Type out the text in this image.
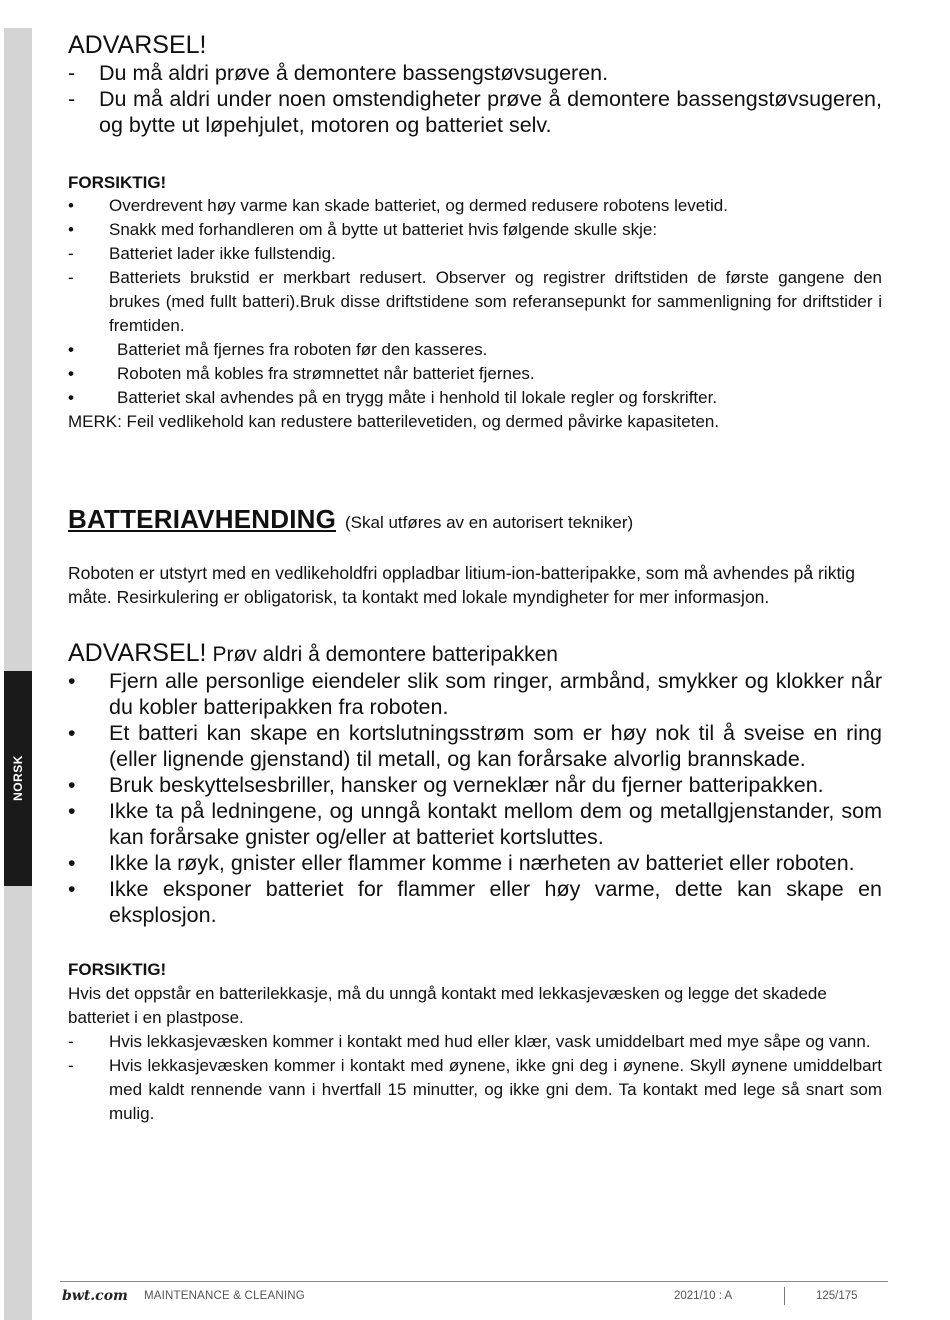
NORSK
ADVARSEL!
- Du må aldri prøve å demontere bassengstøvsugeren.
- Du må aldri under noen omstendigheter prøve å demontere bassengstøvsugeren, og bytte ut løpehjulet, motoren og batteriet selv.
FORSIKTIG!
• Overdrevent høy varme kan skade batteriet, og dermed redusere robotens levetid.
• Snakk med forhandleren om å bytte ut batteriet hvis følgende skulle skje:
- Batteriet lader ikke fullstendig.
- Batteriets brukstid er merkbart redusert. Observer og registrer driftstiden de første gangene den brukes (med fullt batteri).Bruk disse driftstidene som referansepunkt for sammenligning for driftstider i fremtiden.
•	Batteriet må fjernes fra roboten før den kasseres.
•	Roboten må kobles fra strømnettet når batteriet fjernes.
•	Batteriet skal avhendes på en trygg måte i henhold til lokale regler og forskrifter.
MERK: Feil vedlikehold kan redustere batterilevetiden, og dermed påvirke kapasiteten.
BATTERIAVHENDING (Skal utføres av en autorisert tekniker)
Roboten er utstyrt med en vedlikeholdfri oppladbar litium-ion-batteripakke, som må avhendes på riktig måte. Resirkulering er obligatorisk, ta kontakt med lokale myndigheter for mer informasjon.
ADVARSEL! Prøv aldri å demontere batteripakken
• Fjern alle personlige eiendeler slik som ringer, armbånd, smykker og klokker når du kobler batteripakken fra roboten.
• Et batteri kan skape en kortslutningsstrøm som er høy nok til å sveise en ring (eller lignende gjenstand) til metall, og kan forårsake alvorlig brannskade.
• Bruk beskyttelsesbriller, hansker og verneklær når du fjerner batteripakken.
• Ikke ta på ledningene, og unngå kontakt mellom dem og metallgjenstander, som kan forårsake gnister og/eller at batteriet kortsluttes.
• Ikke la røyk, gnister eller flammer komme i nærheten av batteriet eller roboten.
• Ikke eksponer batteriet for flammer eller høy varme, dette kan skape en eksplosjon.
FORSIKTIG!
Hvis det oppstår en batterilekkasje, må du unngå kontakt med lekkasjevæsken og legge det skadede batteriet i en plastpose.
- Hvis lekkasjevæsken kommer i kontakt med hud eller klær, vask umiddelbart med mye såpe og vann.
- Hvis lekkasjevæsken kommer i kontakt med øynene, ikke gni deg i øynene. Skyll øynene umiddelbart med kaldt rennende vann i hvertfall 15 minutter, og ikke gni dem. Ta kontakt med lege så snart som mulig.
bwt.com MAINTENANCE & CLEANING	2021/10 : A	125/175
